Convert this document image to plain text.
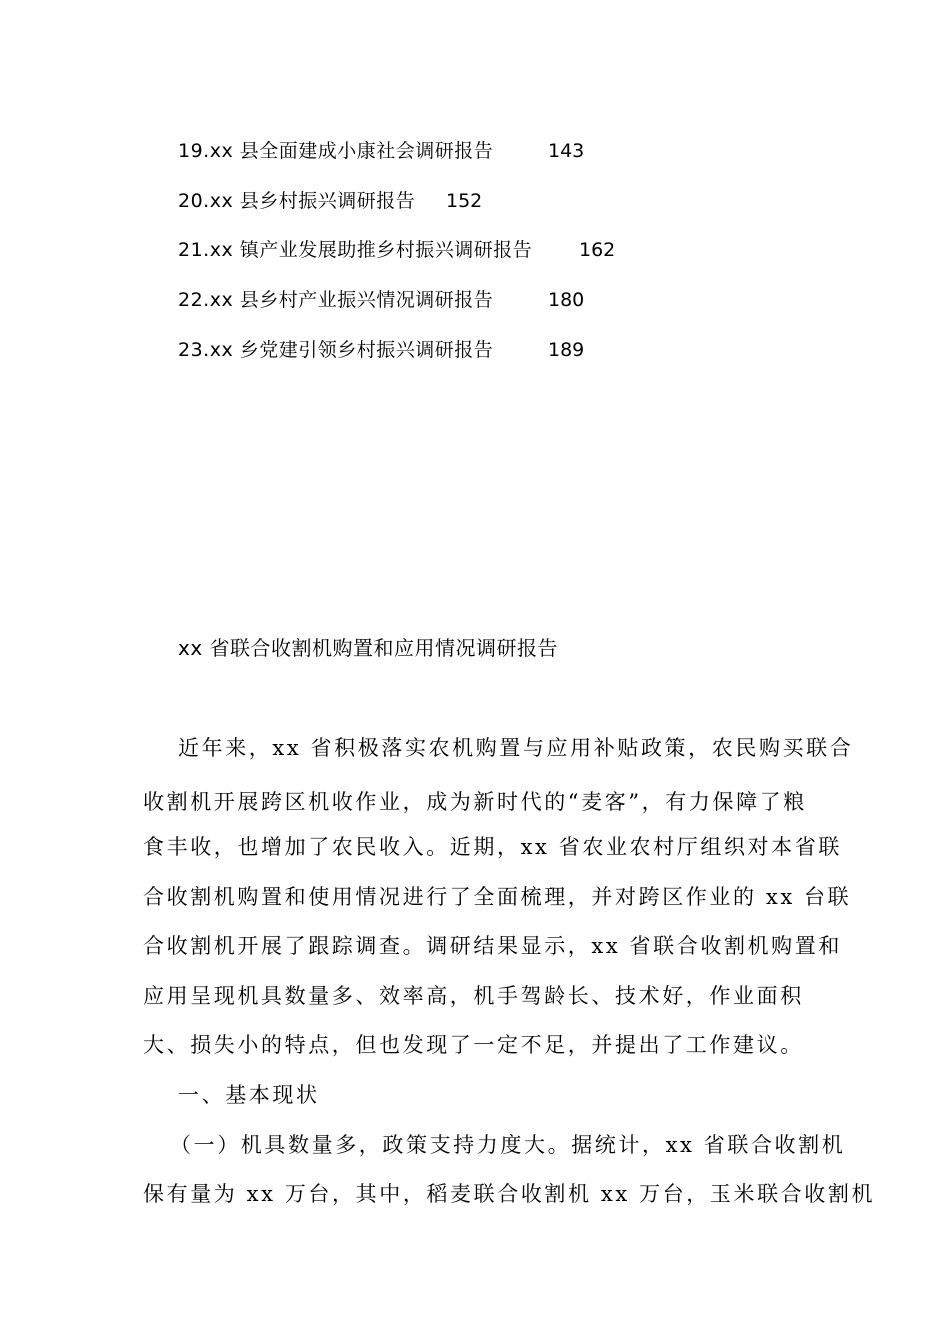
19.xx 县全面建成小康社会调研报告	143
20.xx 县乡村振兴调研报告 152
21.xx 镇产业发展助推乡村振兴调研报告 162
22.xx 县乡村产业振兴情况调研报告	180
23.xx 乡党建引领乡村振兴调研报告	189
xx 省联合收割机购置和应用情况调研报告
近年来，xx 省积极落实农机购置与应用补贴政策，农民购买联合
收割机开展跨区机收作业，成为新时代的“麦客”，有力保障了粮
食丰收，也增加了农民收入。近期，xx 省农业农村厅组织对本省联
合收割机购置和使用情况进行了全面梳理，并对跨区作业的 xx 台联
合收割机开展了跟踪调查。调研结果显示，xx 省联合收割机购置和
应用呈现机具数量多、效率高，机手驾龄长、技术好，作业面积
大、损失小的特点，但也发现了一定不足，并提出了工作建议。
一、基本现状
（一）机具数量多，政策支持力度大。据统计，xx 省联合收割机
保有量为 xx 万台，其中，稻麦联合收割机 xx 万台，玉米联合收割机
